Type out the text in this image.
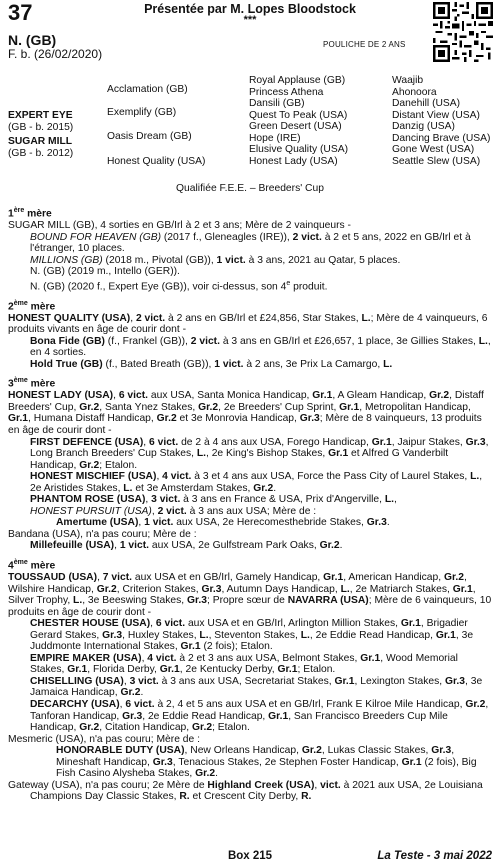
37	Présentée par M. Lopes Bloodstock
***
N. (GB)
F. b. (26/02/2020)
POULICHE DE 2 ANS
EXPERT EYE
(GB - b. 2015)
SUGAR MILL
(GB - b. 2012)
Acclamation (GB)
Exemplify (GB)
Oasis Dream (GB)
Honest Quality (USA)
Royal Applause (GB)
Princess Athena
Dansili (GB)
Quest To Peak (USA)
Green Desert (USA)
Hope (IRE)
Elusive Quality (USA)
Honest Lady (USA)
Waajib
Ahonoora
Danehill (USA)
Distant View (USA)
Danzig (USA)
Dancing Brave (USA)
Gone West (USA)
Seattle Slew (USA)
Qualifiée F.E.E. – Breeders' Cup

1ère mère

SUGAR MILL (GB), 4 sorties en GB/Irl à 2 et 3 ans; Mère de 2 vainqueurs -

BOUND FOR HEAVEN (GB) (2017 f., Gleneagles (IRE)), 2 vict. à 2 et 5 ans, 2022 en GB/Irl et à l'étranger, 10 places.

MILLIONS (GB) (2018 m., Pivotal (GB)), 1 vict. à 3 ans, 2021 au Qatar, 5 places.

N. (GB) (2019 m., Intello (GER)).

N. (GB) (2020 f., Expert Eye (GB)), voir ci-dessus, son 4e produit.

2ème mère

HONEST QUALITY (USA), 2 vict. à 2 ans en GB/Irl et £24,856, Star Stakes, L.; Mère de 4 vainqueurs, 6 produits vivants en âge de courir dont -

Bona Fide (GB) (f., Frankel (GB)), 2 vict. à 3 ans en GB/Irl et £26,657, 1 place, 3e Gillies Stakes, L., en 4 sorties.

Hold True (GB) (f., Bated Breath (GB)), 1 vict. à 2 ans, 3e Prix La Camargo, L.

3ème mère

HONEST LADY (USA), 6 vict. aux USA, Santa Monica Handicap, Gr.1, A Gleam Handicap, Gr.2, Distaff Breeders' Cup, Gr.2, Santa Ynez Stakes, Gr.2, 2e Breeders' Cup Sprint, Gr.1, Metropolitan Handicap, Gr.1, Humana Distaff Handicap, Gr.2 et 3e Monrovia Handicap, Gr.3; Mère de 8 vainqueurs, 13 produits en âge de courir dont -

FIRST DEFENCE (USA), 6 vict. de 2 à 4 ans aux USA, Forego Handicap, Gr.1, Jaipur Stakes, Gr.3, Long Branch Breeders' Cup Stakes, L., 2e King's Bishop Stakes, Gr.1 et Alfred G Vanderbilt Handicap, Gr.2; Etalon.

HONEST MISCHIEF (USA), 4 vict. à 3 et 4 ans aux USA, Force the Pass City of Laurel Stakes, L., 2e Aristides Stakes, L. et 3e Amsterdam Stakes, Gr.2.

PHANTOM ROSE (USA), 3 vict. à 3 ans en France & USA, Prix d'Angerville, L.,

HONEST PURSUIT (USA), 2 vict. à 3 ans aux USA; Mère de :

Amertume (USA), 1 vict. aux USA, 2e Herecomesthebride Stakes, Gr.3.

Bandana (USA), n'a pas couru; Mère de :

Millefeuille (USA), 1 vict. aux USA, 2e Gulfstream Park Oaks, Gr.2.

4ème mère

TOUSSAUD (USA), 7 vict. aux USA et en GB/Irl, Gamely Handicap, Gr.1, American Handicap, Gr.2, Wilshire Handicap, Gr.2, Criterion Stakes, Gr.3, Autumn Days Handicap, L., 2e Matriarch Stakes, Gr.1, Silver Trophy, L., 3e Beeswing Stakes, Gr.3; Propre sœur de NAVARRA (USA); Mère de 6 vainqueurs, 10 produits en âge de courir dont -

CHESTER HOUSE (USA), 6 vict. aux USA et en GB/Irl, Arlington Million Stakes, Gr.1, Brigadier Gerard Stakes, Gr.3, Huxley Stakes, L., Steventon Stakes, L., 2e Eddie Read Handicap, Gr.1, 3e Juddmonte International Stakes, Gr.1 (2 fois); Etalon.

EMPIRE MAKER (USA), 4 vict. à 2 et 3 ans aux USA, Belmont Stakes, Gr.1, Wood Memorial Stakes, Gr.1, Florida Derby, Gr.1, 2e Kentucky Derby, Gr.1; Etalon.

CHISELLING (USA), 3 vict. à 3 ans aux USA, Secretariat Stakes, Gr.1, Lexington Stakes, Gr.3, 3e Jamaica Handicap, Gr.2.

DECARCHY (USA), 6 vict. à 2, 4 et 5 ans aux USA et en GB/Irl, Frank E Kilroe Mile Handicap, Gr.2, Tanforan Handicap, Gr.3, 2e Eddie Read Handicap, Gr.1, San Francisco Breeders Cup Mile Handicap, Gr.2, Citation Handicap, Gr.2; Etalon.

Mesmeric (USA), n'a pas couru; Mère de :

HONORABLE DUTY (USA), New Orleans Handicap, Gr.2, Lukas Classic Stakes, Gr.3, Mineshaft Handicap, Gr.3, Tenacious Stakes, 2e Stephen Foster Handicap, Gr.1 (2 fois), Big Fish Casino Alysheba Stakes, Gr.2.

Gateway (USA), n'a pas couru; 2e Mère de Highland Creek (USA), vict. à 2021 aux USA, 2e Louisiana Champions Day Classic Stakes, R. et Crescent City Derby, R.

Box 215	La Teste - 3 mai 2022
